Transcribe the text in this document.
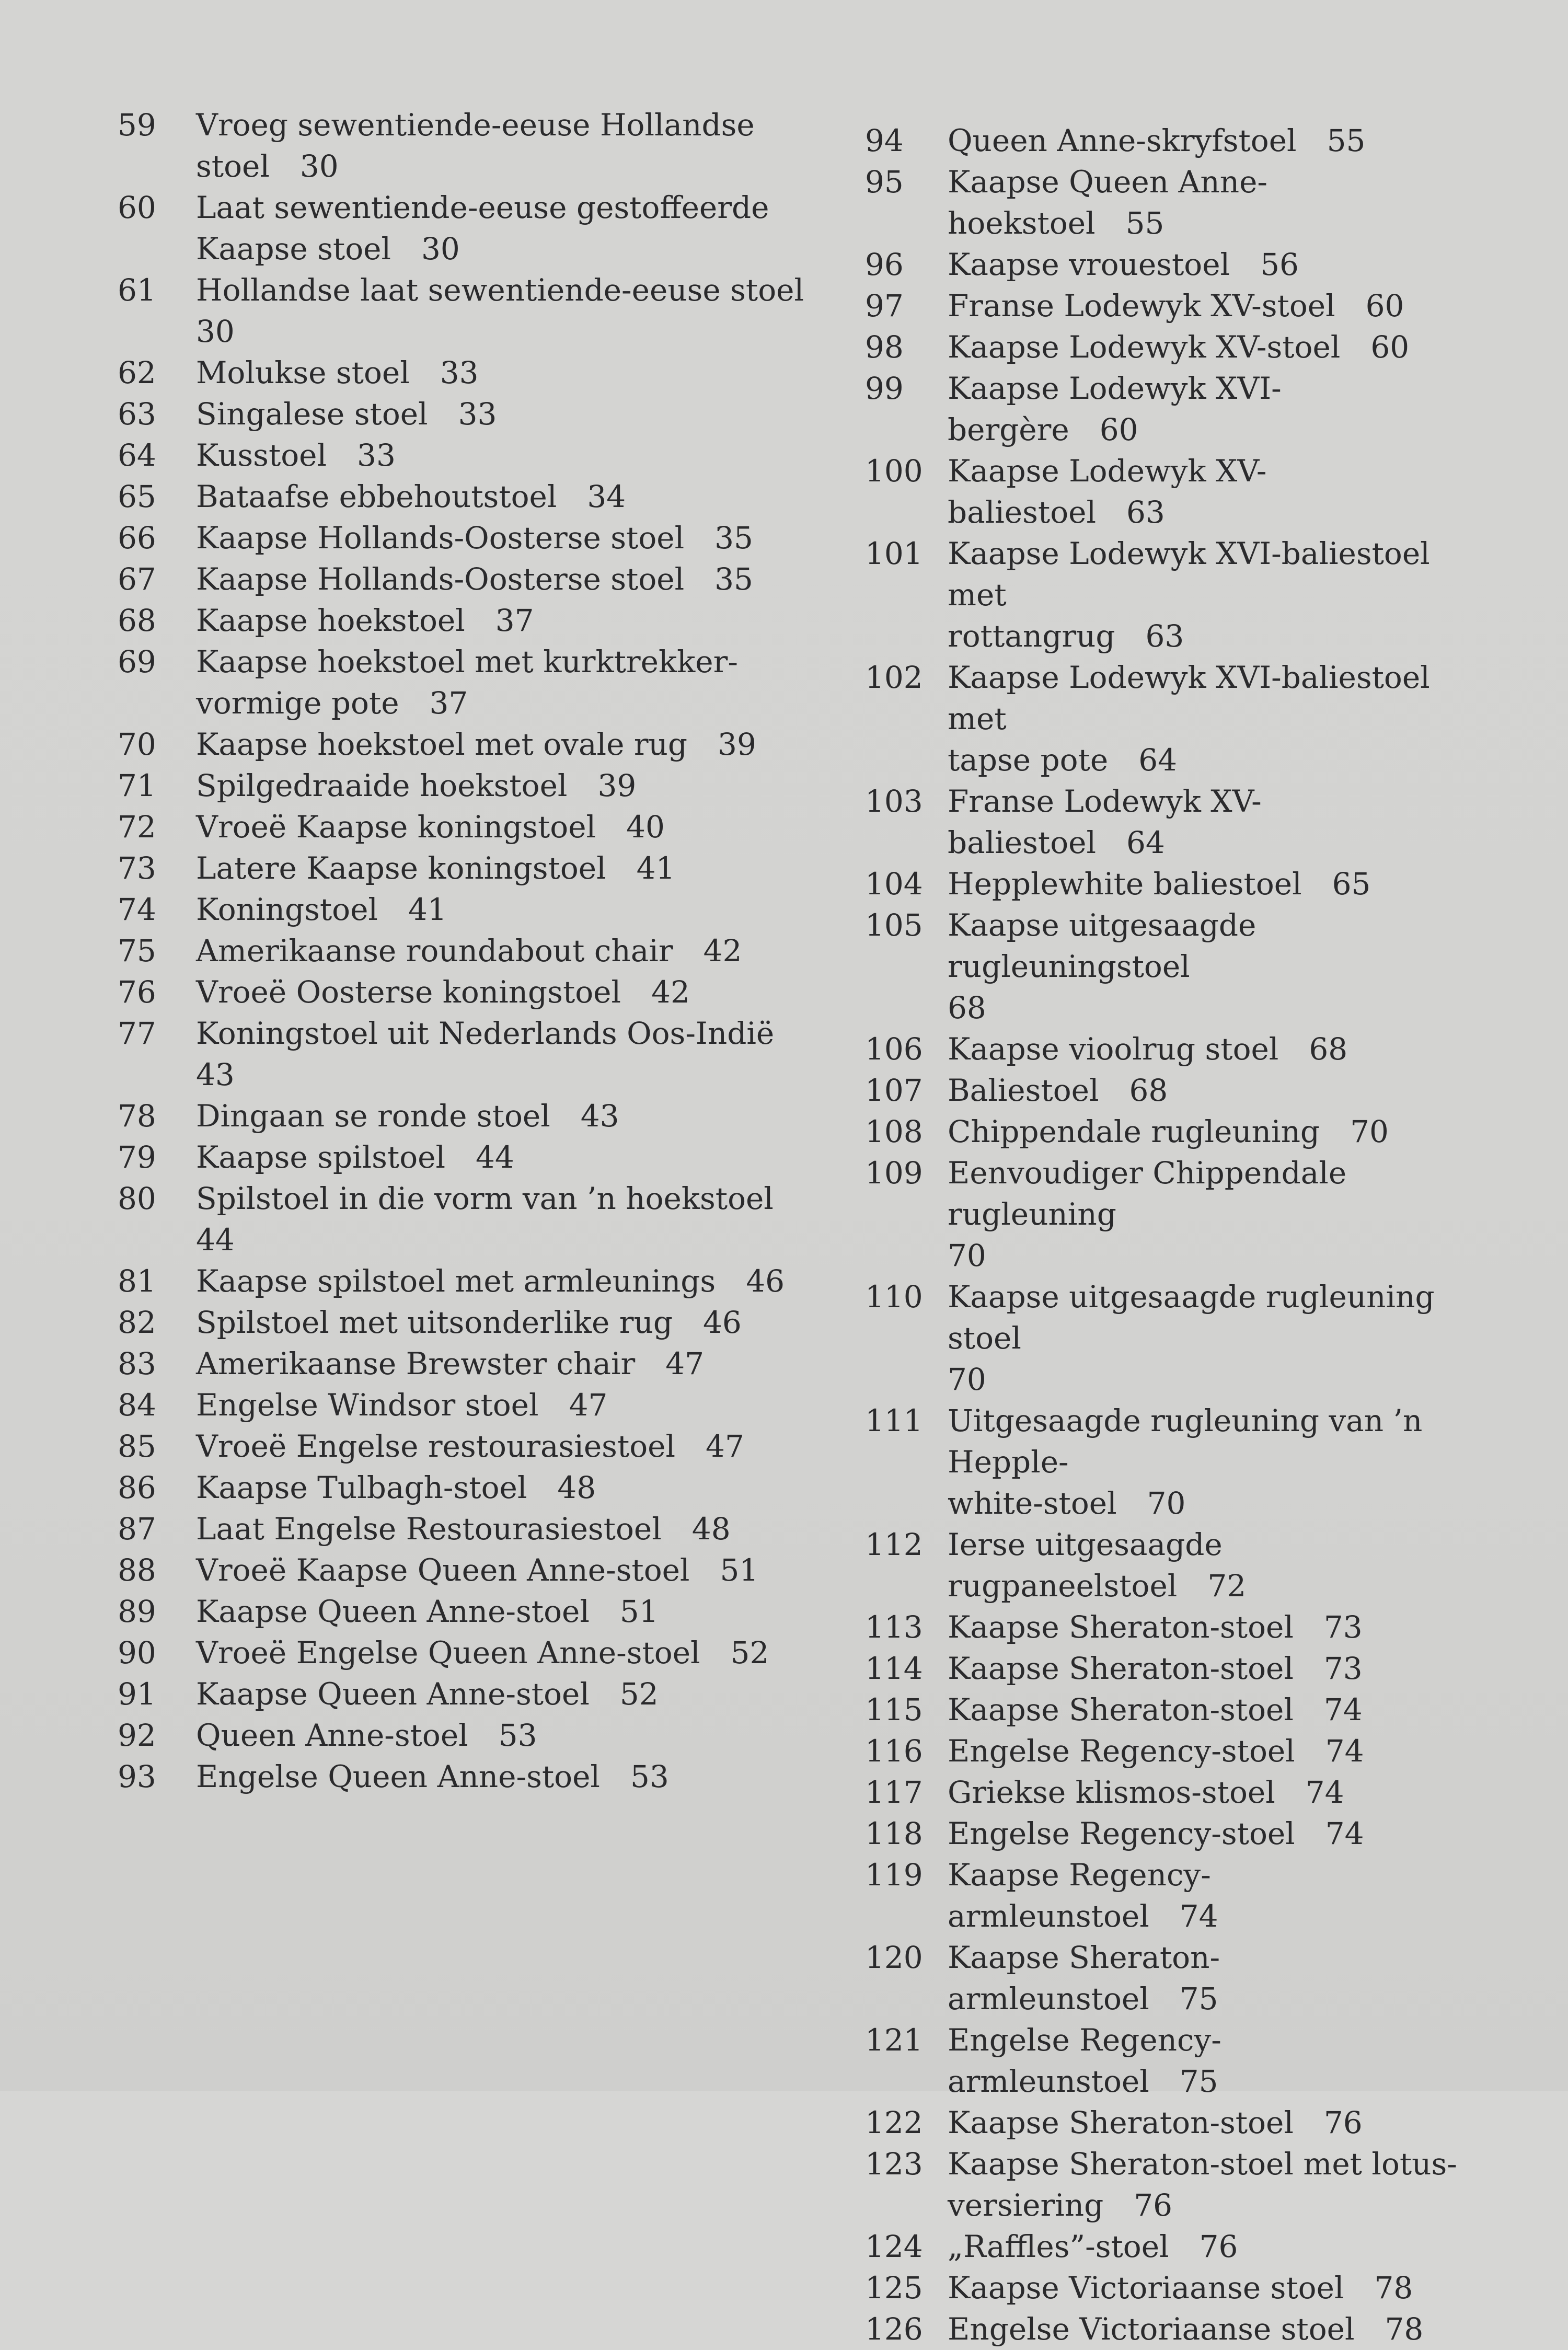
59	Vroeg sewentiende-eeuse Hollandse
stoel 30
60	Laat sewentiende-eeuse gestoffeerde
Kaapse stoel 30
61	Hollandse laat sewentiende-eeuse stoel
30
62	Molukse stoel 33
63	Singalese stoel 33
64	Kusstoel 33
65	Bataafse ebbehoutstoel 34
66	Kaapse Hollands-Oosterse stoel 35
67	Kaapse Hollands-Oosterse stoel 35
68	Kaapse hoekstoel 37
69	Kaapse hoekstoel met kurktrekker-
vormige pote 37
70	Kaapse hoekstoel met ovale rug 39
71	Spilgedraaide hoekstoel 39
72	Vroeë Kaapse koningstoel 40
73	Latere Kaapse koningstoel 41
74	Koningstoel 41
75	Amerikaanse roundabout chair 42
76	Vroeë Oosterse koningstoel 42
77	Koningstoel uit Nederlands Oos-Indië
43
78	Dingaan se ronde stoel 43
79	Kaapse spilstoel 44
80	Spilstoel in die vorm van ’n hoekstoel
44
81	Kaapse spilstoel met armleunings 46
82	Spilstoel met uitsonderlike rug 46
83	Amerikaanse Brewster chair 47
84	Engelse Windsor stoel 47
85	Vroeë Engelse restourasiestoel 47
86	Kaapse Tulbagh-stoel 48
87	Laat Engelse Restourasiestoel 48
88	Vroeë Kaapse Queen Anne-stoel 51
89	Kaapse Queen Anne-stoel 51
90	Vroeë Engelse Queen Anne-stoel 52
91	Kaapse Queen Anne-stoel 52
92	Queen Anne-stoel 53
93	Engelse Queen Anne-stoel 53
94	Queen Anne-skryfstoel 55
95	Kaapse Queen Anne-hoekstoel 55
96	Kaapse vrouestoel 56
97	Franse Lodewyk XV-stoel 60
98	Kaapse Lodewyk XV-stoel 60
99	Kaapse Lodewyk XVI-bergère 60
100 Kaapse Lodewyk XV-baliestoel 63
101 Kaapse Lodewyk XVI-baliestoel met
rottangrug 63
102 Kaapse Lodewyk XVI-baliestoel met
tapse pote 64
103 Franse Lodewyk XV-baliestoel 64
104 Hepplewhite baliestoel 65
105 Kaapse uitgesaagde rugleuningstoel
68
106 Kaapse vioolrug stoel 68
107 Baliestoel 68
108 Chippendale rugleuning 70
109 Eenvoudiger Chippendale rugleuning
70
110 Kaapse uitgesaagde rugleuning stoel
70
111 Uitgesaagde rugleuning van ’n Hepple-
white-stoel 70
112 Ierse uitgesaagde rugpaneelstoel 72
113 Kaapse Sheraton-stoel 73
114 Kaapse Sheraton-stoel 73
115 Kaapse Sheraton-stoel 74
116 Engelse Regency-stoel 74
117 Griekse klismos-stoel 74
118 Engelse Regency-stoel 74
119 Kaapse Regency-armleunstoel 74
120 Kaapse Sheraton-armleunstoel 75
121 Engelse Regency-armleunstoel 75
122 Kaapse Sheraton-stoel 76
123 Kaapse Sheraton-stoel met lotus-
versiering 76
124 „Raffles”-stoel 76
125 Kaapse Victoriaanse stoel 78
126 Engelse Victoriaanse stoel 78
